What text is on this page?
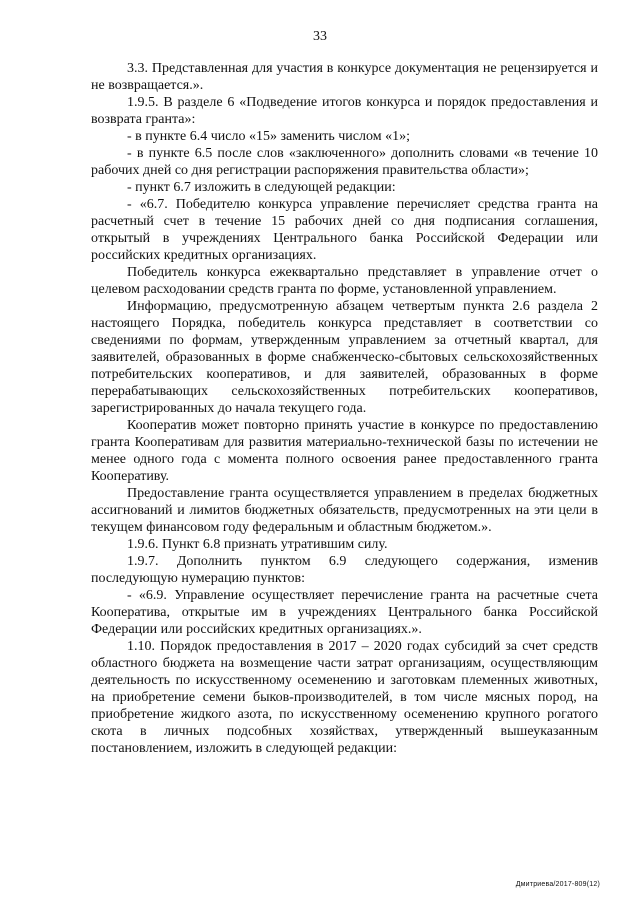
33

3.3. Представленная для участия в конкурсе документация не рецензируется и не возвращается.».

1.9.5. В разделе 6 «Подведение итогов конкурса и порядок предоставления и возврата гранта»:

- в пункте 6.4 число «15» заменить числом «1»;

- в пункте 6.5 после слов «заключенного» дополнить словами «в течение 10 рабочих дней со дня регистрации распоряжения правительства области»;

- пункт 6.7 изложить в следующей редакции:

- «6.7. Победителю конкурса управление перечисляет средства гранта на расчетный счет в течение 15 рабочих дней со дня подписания соглашения, открытый в учреждениях Центрального банка Российской Федерации или российских кредитных организациях.

Победитель конкурса ежеквартально представляет в управление отчет о целевом расходовании средств гранта по форме, установленной управлением.

Информацию, предусмотренную абзацем четвертым пункта 2.6 раздела 2 настоящего Порядка, победитель конкурса представляет в соответствии со сведениями по формам, утвержденным управлением за отчетный квартал, для заявителей, образованных в форме снабженческо-сбытовых сельскохозяйственных потребительских кооперативов, и для заявителей, образованных в форме перерабатывающих сельскохозяйственных потребительских кооперативов, зарегистрированных до начала текущего года.

Кооператив может повторно принять участие в конкурсе по предоставлению гранта Кооперативам для развития материально-технической базы по истечении не менее одного года с момента полного освоения ранее предоставленного гранта Кооперативу.

Предоставление гранта осуществляется управлением в пределах бюджетных ассигнований и лимитов бюджетных обязательств, предусмотренных на эти цели в текущем финансовом году федеральным и областным бюджетом.».

1.9.6. Пункт 6.8 признать утратившим силу.

1.9.7. Дополнить пунктом 6.9 следующего содержания, изменив последующую нумерацию пунктов:

- «6.9. Управление осуществляет перечисление гранта на расчетные счета Кооператива, открытые им в учреждениях Центрального банка Российской Федерации или российских кредитных организациях.».

1.10. Порядок предоставления в 2017 – 2020 годах субсидий за счет средств областного бюджета на возмещение части затрат организациям, осуществляющим деятельность по искусственному осеменению и заготовкам племенных животных, на приобретение семени быков-производителей, в том числе мясных пород, на приобретение жидкого азота, по искусственному осеменению крупного рогатого скота в личных подсобных хозяйствах, утвержденный вышеуказанным постановлением, изложить в следующей редакции:

Дмитриева/2017-809(12)
